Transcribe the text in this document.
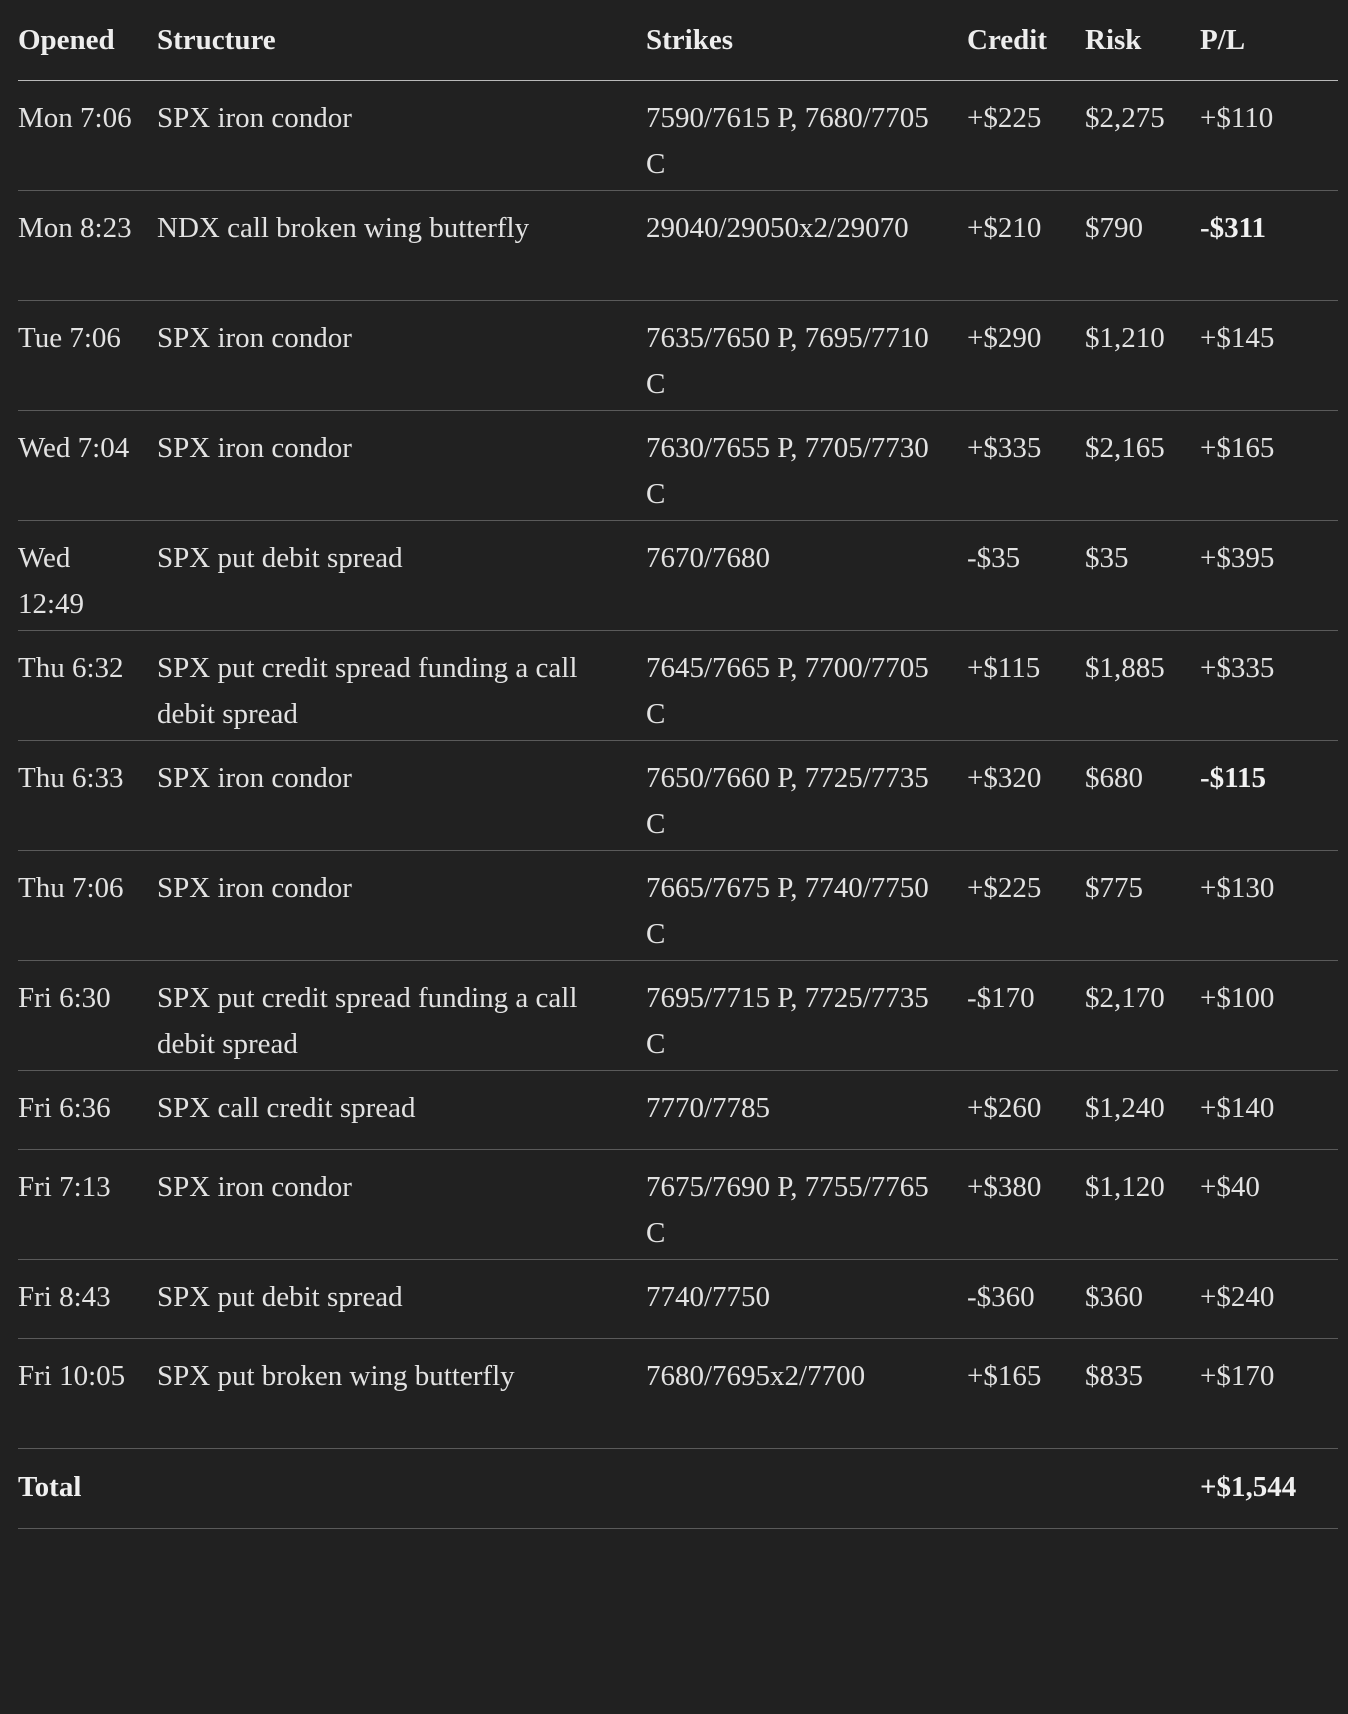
Opened	Structure	Strikes	Credit	Risk	P/L
Mon 7:06	SPX iron condor	7590/7615 P, 7680/7705 C	+$225	$2,275	+$110
Mon 8:23	NDX call broken wing butterfly	29040/29050x2/29070	+$210	$790	-$311
Tue 7:06	SPX iron condor	7635/7650 P, 7695/7710 C	+$290	$1,210	+$145
Wed 7:04	SPX iron condor	7630/7655 P, 7705/7730 C	+$335	$2,165	+$165
Wed 12:49	SPX put debit spread	7670/7680	-$35	$35	+$395
Thu 6:32	SPX put credit spread funding a call debit spread	7645/7665 P, 7700/7705 C	+$115	$1,885	+$335
Thu 6:33	SPX iron condor	7650/7660 P, 7725/7735 C	+$320	$680	-$115
Thu 7:06	SPX iron condor	7665/7675 P, 7740/7750 C	+$225	$775	+$130
Fri 6:30	SPX put credit spread funding a call debit spread	7695/7715 P, 7725/7735 C	-$170	$2,170	+$100
Fri 6:36	SPX call credit spread	7770/7785	+$260	$1,240	+$140
Fri 7:13	SPX iron condor	7675/7690 P, 7755/7765 C	+$380	$1,120	+$40
Fri 8:43	SPX put debit spread	7740/7750	-$360	$360	+$240
Fri 10:05	SPX put broken wing butterfly	7680/7695x2/7700	+$165	$835	+$170
Total					+$1,544
